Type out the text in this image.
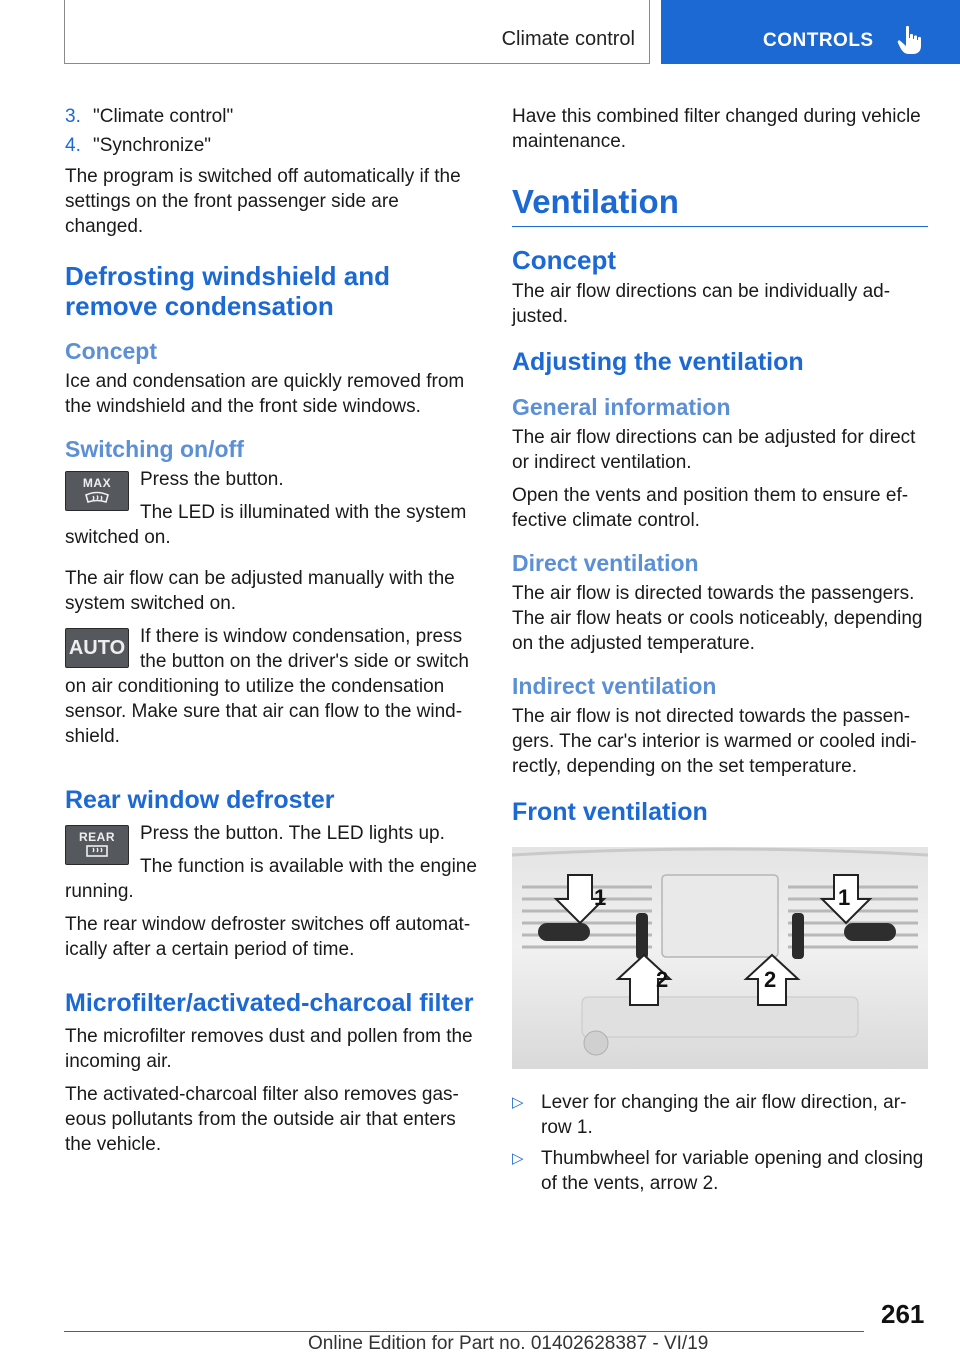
Climate control	CONTROLS
3. "Climate control"
4. "Synchronize"

The program is switched off automatically if the settings on the front passenger side are changed.

Defrosting windshield and remove condensation
Concept

Ice and condensation are quickly removed from the windshield and the front side windows.

Switching on/off
MAX	Press the button.

The LED is illuminated with the system switched on.

The air flow can be adjusted manually with the system switched on.

AUTO

If there is window condensation, press the button on the driver's side or switch on air conditioning to utilize the condensation sensor. Make sure that air can flow to the wind- shield.

Rear window defroster
REAR	Press the button. The LED lights up.

The function is available with the engine running.

The rear window defroster switches off automat- ically after a certain period of time.

Microfilter/activated-charcoal filter

The microfilter removes dust and pollen from the incoming air.

The activated-charcoal filter also removes gas- eous pollutants from the outside air that enters the vehicle.

Have this combined filter changed during vehicle maintenance.

Ventilation
Concept

The air flow directions can be individually ad- justed.

Adjusting the ventilation
General information

The air flow directions can be adjusted for direct or indirect ventilation.

Open the vents and position them to ensure ef- fective climate control.

Direct ventilation

The air flow is directed towards the passengers. The air flow heats or cools noticeably, depending on the adjusted temperature.

Indirect ventilation

The air flow is not directed towards the passen- gers. The car's interior is warmed or cooled indi- rectly, depending on the set temperature.

Front ventilation
1	1
2	2
▷ Lever for changing the air flow direction, ar- row 1.
▷ Thumbwheel for variable opening and closing of the vents, arrow 2.
261
Online Edition for Part no. 01402628387 - VI/19
